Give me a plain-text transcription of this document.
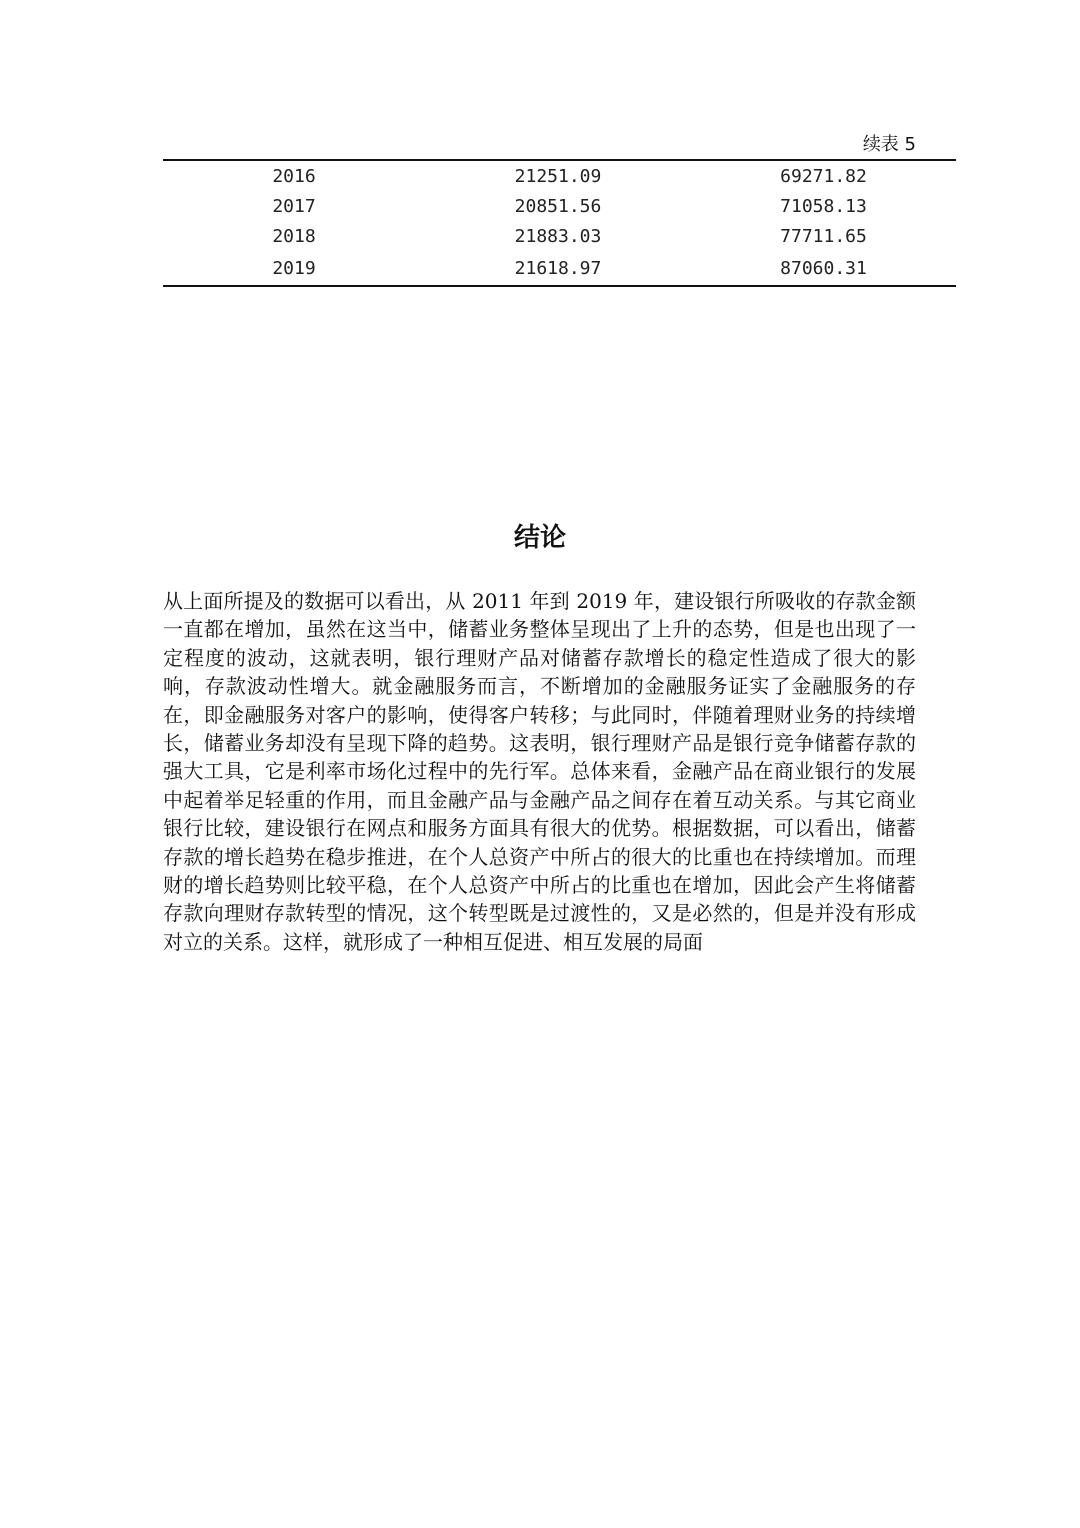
续表 5
2016	21251.09	69271.82
2017	20851.56	71058.13
2018	21883.03	77711.65
2019	21618.97	87060.31
结论

从上面所提及的数据可以看出，从 2011 年到 2019 年，建设银行所吸收的存款金额一直都在增加，虽然在这当中，储蓄业务整体呈现出了上升的态势，但是也出现了一定程度的波动，这就表明，银行理财产品对储蓄存款增长的稳定性造成了很大的影响，存款波动性增大。就金融服务而言，不断增加的金融服务证实了金融服务的存在，即金融服务对客户的影响，使得客户转移；与此同时，伴随着理财业务的持续增长，储蓄业务却没有呈现下降的趋势。这表明，银行理财产品是银行竞争储蓄存款的强大工具，它是利率市场化过程中的先行军。总体来看，金融产品在商业银行的发展中起着举足轻重的作用，而且金融产品与金融产品之间存在着互动关系。与其它商业银行比较，建设银行在网点和服务方面具有很大的优势。根据数据，可以看出，储蓄存款的增长趋势在稳步推进，在个人总资产中所占的很大的比重也在持续增加。而理财的增长趋势则比较平稳，在个人总资产中所占的比重也在增加，因此会产生将储蓄存款向理财存款转型的情况，这个转型既是过渡性的，又是必然的，但是并没有形成对立的关系。这样，就形成了一种相互促进、相互发展的局面
